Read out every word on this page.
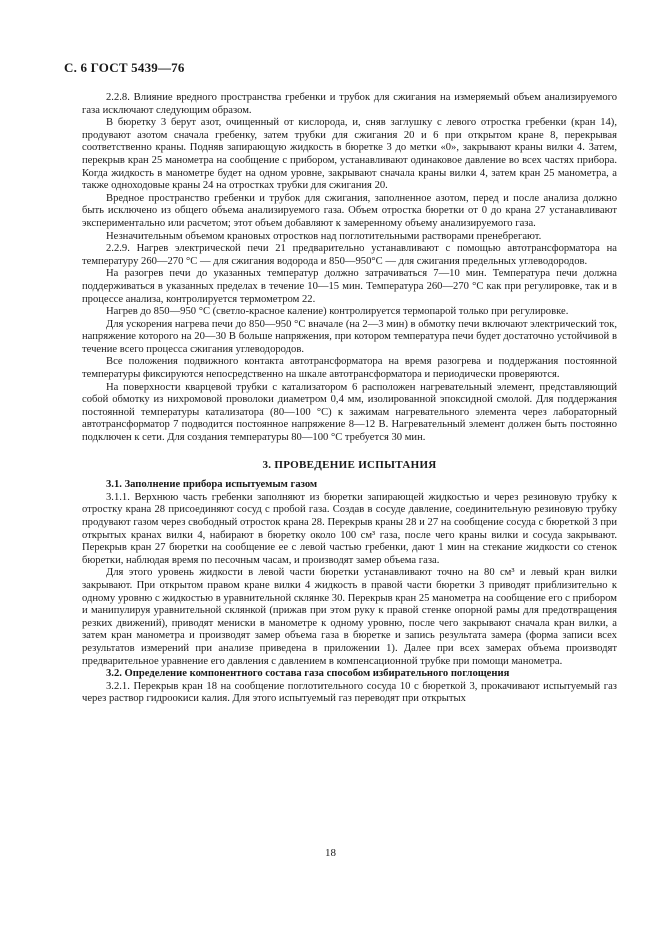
С. 6 ГОСТ 5439—76

2.2.8. Влияние вредного пространства гребенки и трубок для сжигания на измеряемый объем анализируемого газа исключают следующим образом.

В бюретку 3 берут азот, очищенный от кислорода, и, сняв заглушку с левого отростка гребенки (кран 14), продувают азотом сначала гребенку, затем трубки для сжигания 20 и 6 при открытом кране 8, перекрывая соответственно краны. Подняв запирающую жидкость в бюретке 3 до метки «0», закрывают краны вилки 4. Затем, перекрыв кран 25 манометра на сообщение с прибором, устанавливают одинаковое давление во всех частях прибора. Когда жидкость в манометре будет на одном уровне, закрывают сначала краны вилки 4, затем кран 25 манометра, а также одноходовые краны 24 на отростках трубки для сжигания 20.

Вредное пространство гребенки и трубок для сжигания, заполненное азотом, перед и после анализа должно быть исключено из общего объема анализируемого газа. Объем отростка бюретки от 0 до крана 27 устанавливают экспериментально или расчетом; этот объем добавляют к замеренному объему анализируемого газа.

Незначительным объемом крановых отростков над поглотительными растворами пренебрегают.

2.2.9. Нагрев электрической печи 21 предварительно устанавливают с помощью автотрансформатора на температуру 260—270 °С — для сжигания водорода и 850—950°С — для сжигания предельных углеводородов.

На разогрев печи до указанных температур должно затрачиваться 7—10 мин. Температура печи должна поддерживаться в указанных пределах в течение 10—15 мин. Температура 260—270 °С как при регулировке, так и в процессе анализа, контролируется термометром 22.

Нагрев до 850—950 °С (светло-красное каление) контролируется термопарой только при регулировке.

Для ускорения нагрева печи до 850—950 °С вначале (на 2—3 мин) в обмотку печи включают электрический ток, напряжение которого на 20—30 В больше напряжения, при котором температура печи будет достаточно устойчивой в течение всего процесса сжигания углеводородов.

Все положения подвижного контакта автотрансформатора на время разогрева и поддержания постоянной температуры фиксируются непосредственно на шкале автотрансформатора и периодически проверяются.

На поверхности кварцевой трубки с катализатором 6 расположен нагревательный элемент, представляющий собой обмотку из нихромовой проволоки диаметром 0,4 мм, изолированной эпоксидной смолой. Для поддержания постоянной температуры катализатора (80—100 °С) к зажимам нагревательного элемента через лабораторный автотрансформатор 7 подводится постоянное напряжение 8—12 В. Нагревательный элемент должен быть постоянно подключен к сети. Для создания температуры 80—100 °С требуется 30 мин.

3. ПРОВЕДЕНИЕ ИСПЫТАНИЯ

3.1. Заполнение прибора испытуемым газом

3.1.1. Верхнюю часть гребенки заполняют из бюретки запирающей жидкостью и через резиновую трубку к отростку крана 28 присоединяют сосуд с пробой газа. Создав в сосуде давление, соединительную резиновую трубку продувают газом через свободный отросток крана 28. Перекрыв краны 28 и 27 на сообщение сосуда с бюреткой 3 при открытых кранах вилки 4, набирают в бюретку около 100 см³ газа, после чего краны вилки и сосуда закрывают. Перекрыв кран 27 бюретки на сообщение ее с левой частью гребенки, дают 1 мин на стекание жидкости со стенок бюретки, наблюдая время по песочным часам, и производят замер объема газа.

Для этого уровень жидкости в левой части бюретки устанавливают точно на 80 см³ и левый кран вилки закрывают. При открытом правом кране вилки 4 жидкость в правой части бюретки 3 приводят приблизительно к одному уровню с жидкостью в уравнительной склянке 30. Перекрыв кран 25 манометра на сообщение его с прибором и манипулируя уравнительной склянкой (прижав при этом руку к правой стенке опорной рамы для предотвращения резких движений), приводят мениски в манометре к одному уровню, после чего закрывают сначала кран вилки, а затем кран манометра и производят замер объема газа в бюретке и запись результата замера (форма записи всех результатов измерений при анализе приведена в приложении 1). Далее при всех замерах объема производят предварительное уравнение его давления с давлением в компенсационной трубке при помощи манометра.

3.2. Определение компонентного состава газа способом избирательного поглощения

3.2.1. Перекрыв кран 18 на сообщение поглотительного сосуда 10 с бюреткой 3, прокачивают испытуемый газ через раствор гидроокиси калия. Для этого испытуемый газ переводят при открытых

18
